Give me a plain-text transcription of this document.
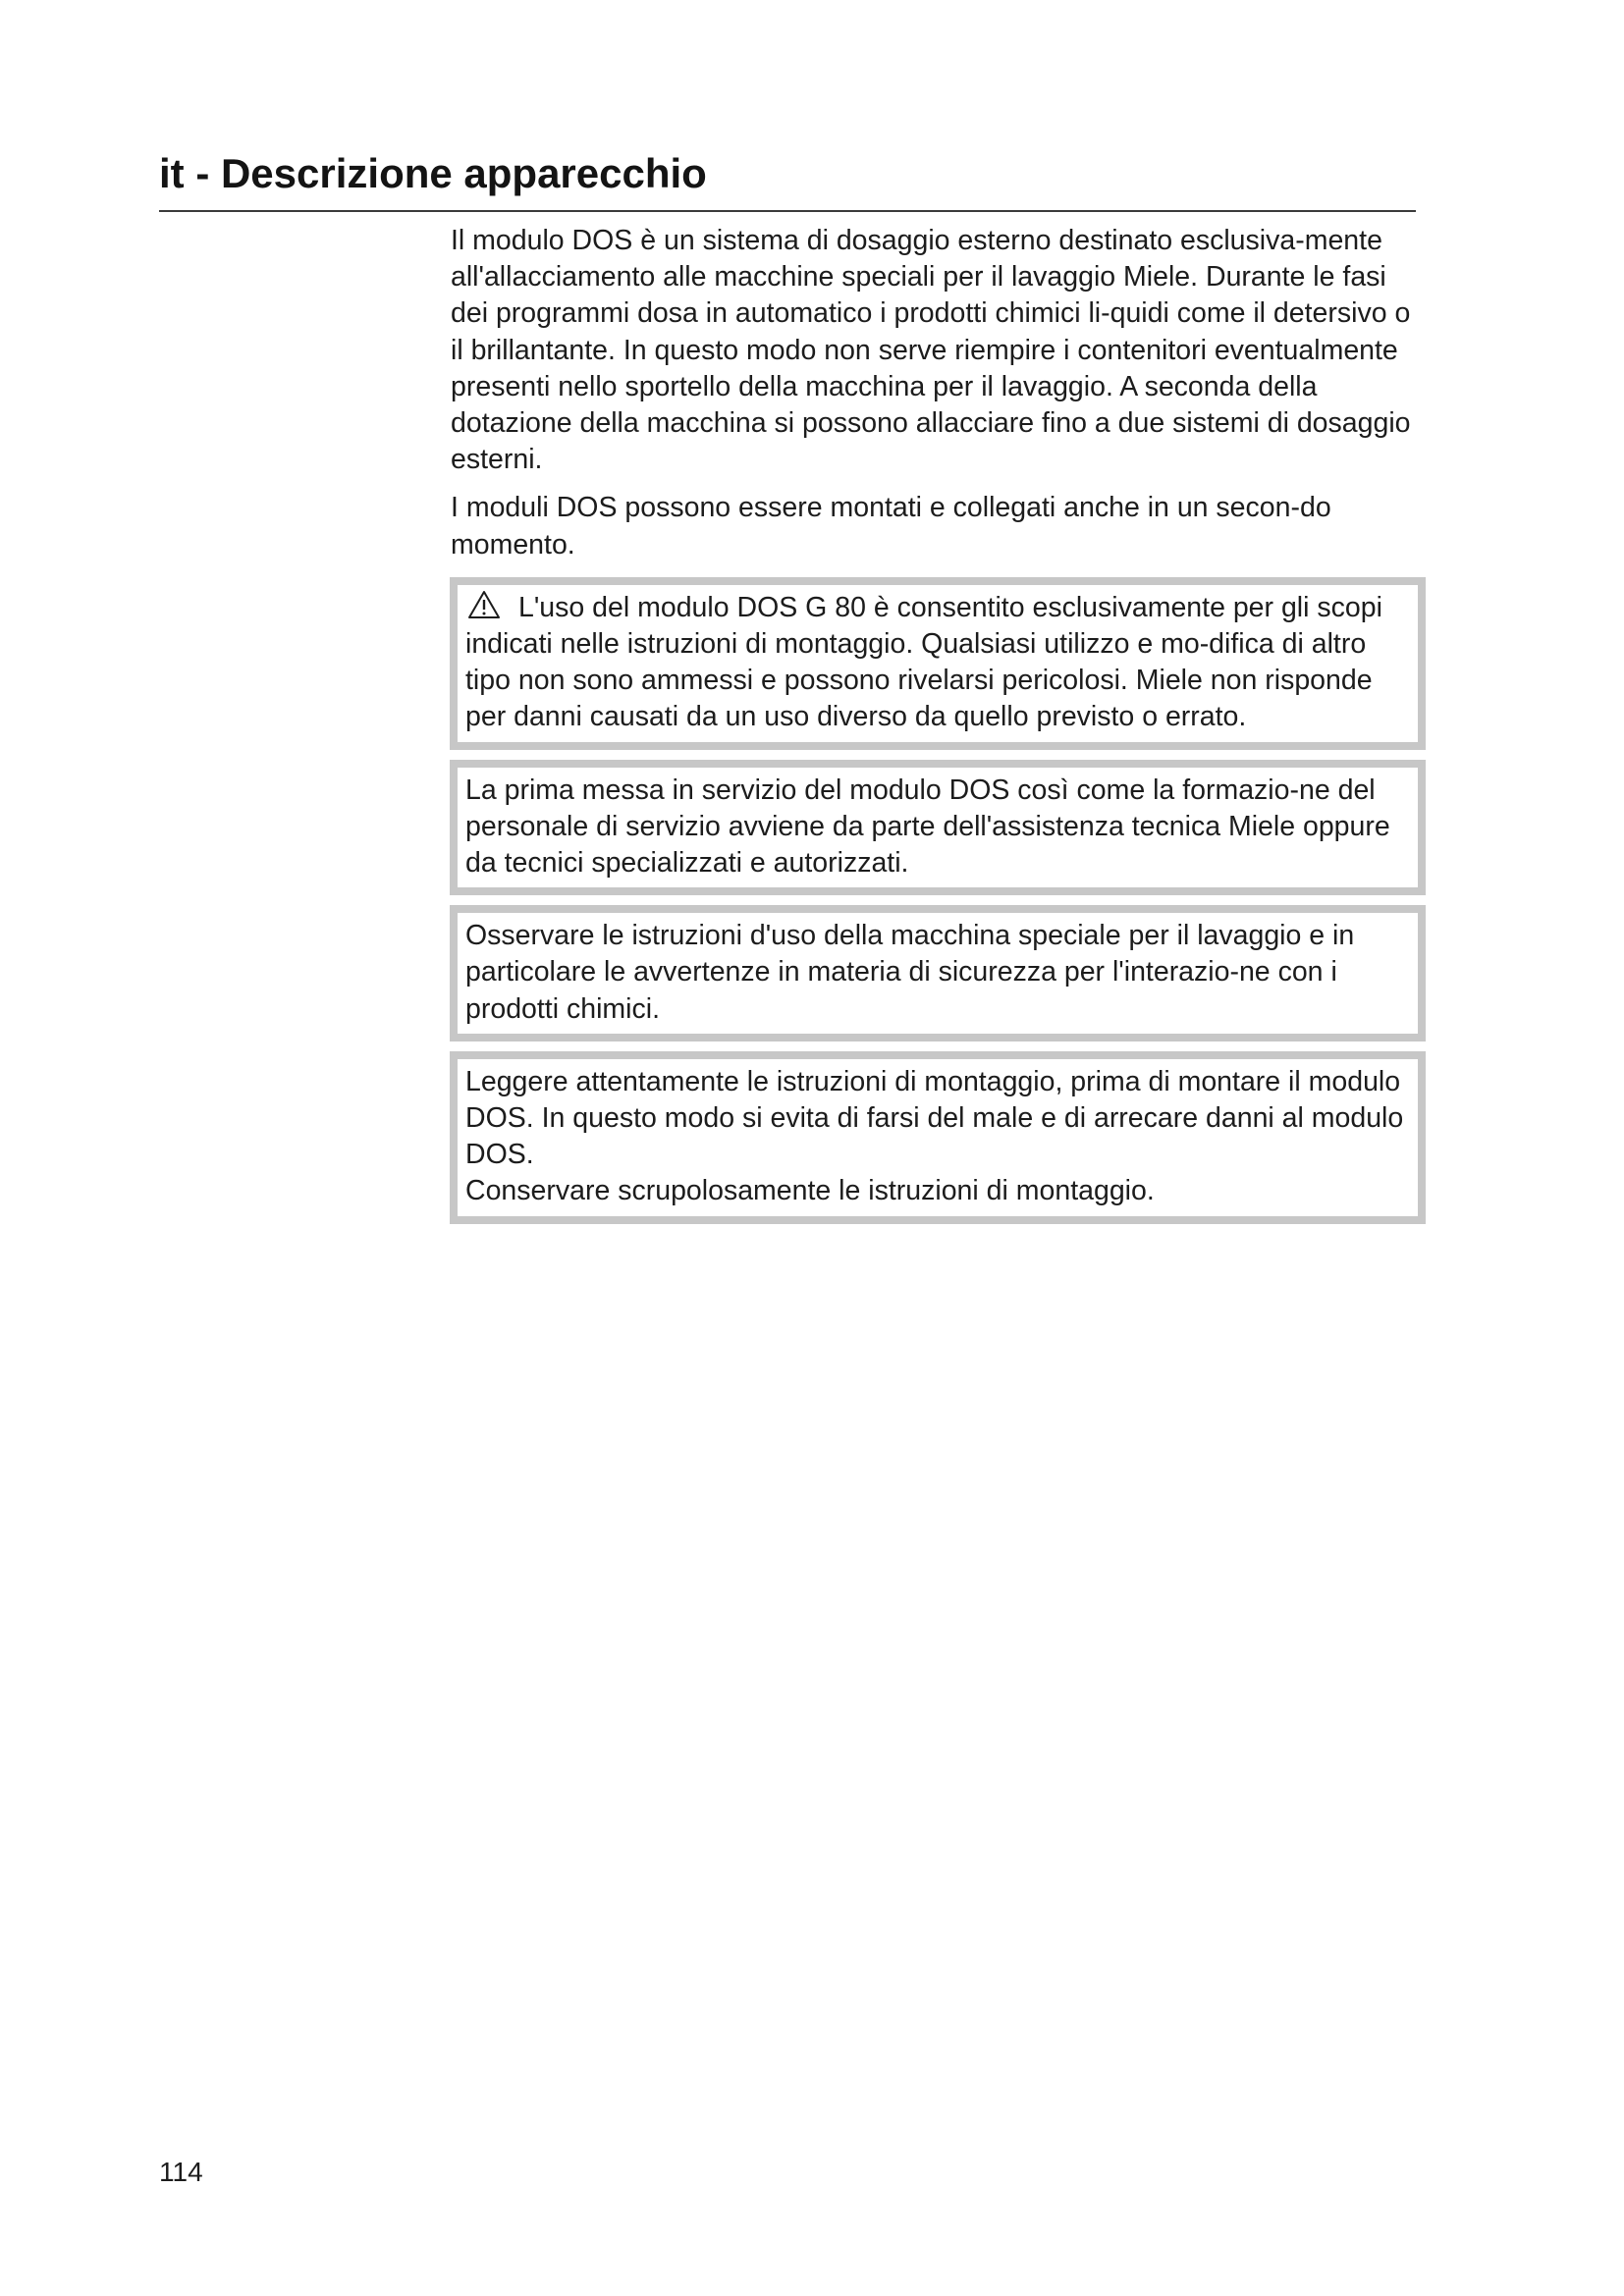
it - Descrizione apparecchio

Il modulo DOS è un sistema di dosaggio esterno destinato esclusiva-mente all'allacciamento alle macchine speciali per il lavaggio Miele. Durante le fasi dei programmi dosa in automatico i prodotti chimici li-quidi come il detersivo o il brillantante. In questo modo non serve riempire i contenitori eventualmente presenti nello sportello della macchina per il lavaggio. A seconda della dotazione della macchina si possono allacciare fino a due sistemi di dosaggio esterni.

I moduli DOS possono essere montati e collegati anche in un secon-do momento.

L'uso del modulo DOS G 80 è consentito esclusivamente per gli scopi indicati nelle istruzioni di montaggio. Qualsiasi utilizzo e mo-difica di altro tipo non sono ammessi e possono rivelarsi pericolosi. Miele non risponde per danni causati da un uso diverso da quello previsto o errato.

La prima messa in servizio del modulo DOS così come la formazio-ne del personale di servizio avviene da parte dell'assistenza tecnica Miele oppure da tecnici specializzati e autorizzati.

Osservare le istruzioni d'uso della macchina speciale per il lavaggio e in particolare le avvertenze in materia di sicurezza per l'interazio-ne con i prodotti chimici.

Leggere attentamente le istruzioni di montaggio, prima di montare il modulo DOS. In questo modo si evita di farsi del male e di arrecare danni al modulo DOS.

Conservare scrupolosamente le istruzioni di montaggio.

114
